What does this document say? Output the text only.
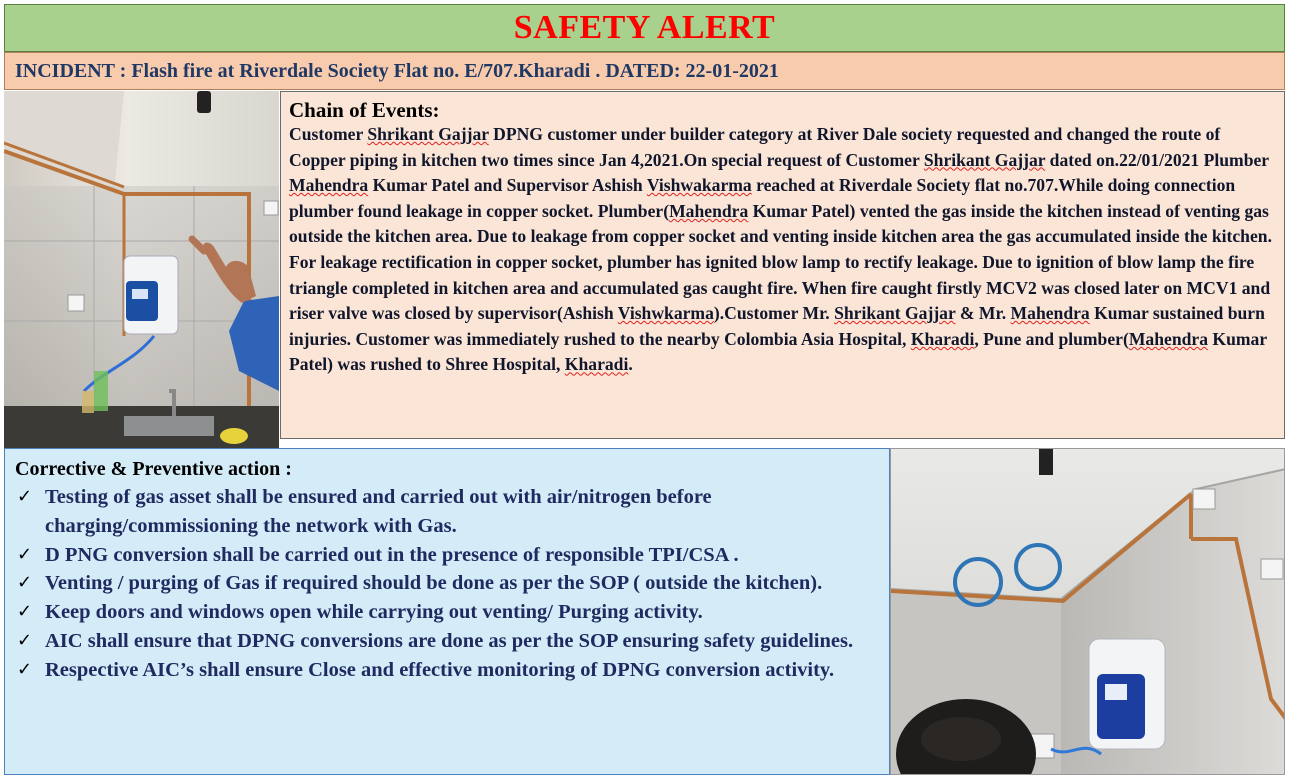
SAFETY ALERT
INCIDENT : Flash fire at Riverdale Society Flat no. E/707.Kharadi . DATED: 22-01-2021
Chain of Events:
Customer Shrikant Gajjar DPNG customer under builder category at River Dale society requested and changed the route of Copper piping in kitchen two times since Jan 4,2021.On special request of Customer Shrikant Gajjar dated on.22/01/2021 Plumber Mahendra Kumar Patel and Supervisor Ashish Vishwakarma reached at Riverdale Society flat no.707.While doing connection plumber found leakage in copper socket. Plumber(Mahendra Kumar Patel) vented the gas inside the kitchen instead of venting gas outside the kitchen area. Due to leakage from copper socket and venting inside kitchen area the gas accumulated inside the kitchen. For leakage rectification in copper socket, plumber has ignited blow lamp to rectify leakage. Due to ignition of blow lamp the fire triangle completed in kitchen area and accumulated gas caught fire. When fire caught firstly MCV2 was closed later on MCV1 and riser valve was closed by supervisor(Ashish Vishwkarma).Customer Mr. Shrikant Gajjar & Mr. Mahendra Kumar sustained burn injuries. Customer was immediately rushed to the nearby Colombia Asia Hospital, Kharadi, Pune and plumber(Mahendra Kumar Patel) was rushed to Shree Hospital, Kharadi.
Corrective & Preventive action :
✓ Testing of gas asset shall be ensured and carried out with air/nitrogen before charging/commissioning the network with Gas.
✓ D PNG conversion shall be carried out in the presence of responsible TPI/CSA .
✓ Venting / purging of Gas if required should be done as per the SOP ( outside the kitchen).
✓ Keep doors and windows open while carrying out venting/ Purging activity.
✓ AIC shall ensure that DPNG conversions are done as per the SOP ensuring safety guidelines.
✓ Respective AIC’s shall ensure Close and effective monitoring of DPNG conversion activity.
